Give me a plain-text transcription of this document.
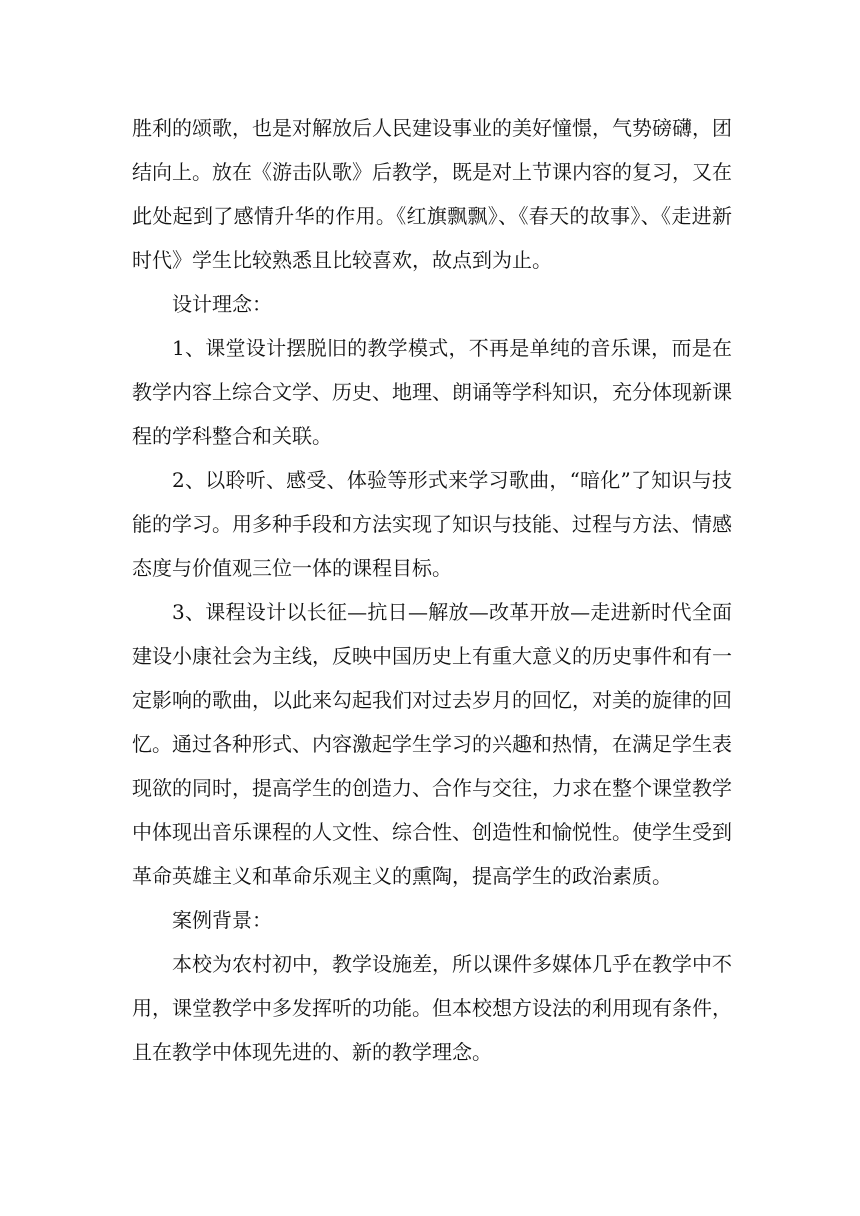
胜利的颂歌，也是对解放后人民建设事业的美好憧憬，气势磅礴，团结向上。放在《游击队歌》后教学，既是对上节课内容的复习，又在此处起到了感情升华的作用。《红旗飘飘》、《春天的故事》、《走进新时代》学生比较熟悉且比较喜欢，故点到为止。

设计理念：

1、课堂设计摆脱旧的教学模式，不再是单纯的音乐课，而是在教学内容上综合文学、历史、地理、朗诵等学科知识，充分体现新课程的学科整合和关联。

2、以聆听、感受、体验等形式来学习歌曲，“暗化”了知识与技能的学习。用多种手段和方法实现了知识与技能、过程与方法、情感态度与价值观三位一体的课程目标。

3、课程设计以长征—抗日—解放—改革开放—走进新时代全面建设小康社会为主线，反映中国历史上有重大意义的历史事件和有一定影响的歌曲，以此来勾起我们对过去岁月的回忆，对美的旋律的回忆。通过各种形式、内容激起学生学习的兴趣和热情，在满足学生表现欲的同时，提高学生的创造力、合作与交往，力求在整个课堂教学中体现出音乐课程的人文性、综合性、创造性和愉悦性。使学生受到革命英雄主义和革命乐观主义的熏陶，提高学生的政治素质。

案例背景：

本校为农村初中，教学设施差，所以课件多媒体几乎在教学中不用，课堂教学中多发挥听的功能。但本校想方设法的利用现有条件，且在教学中体现先进的、新的教学理念。
